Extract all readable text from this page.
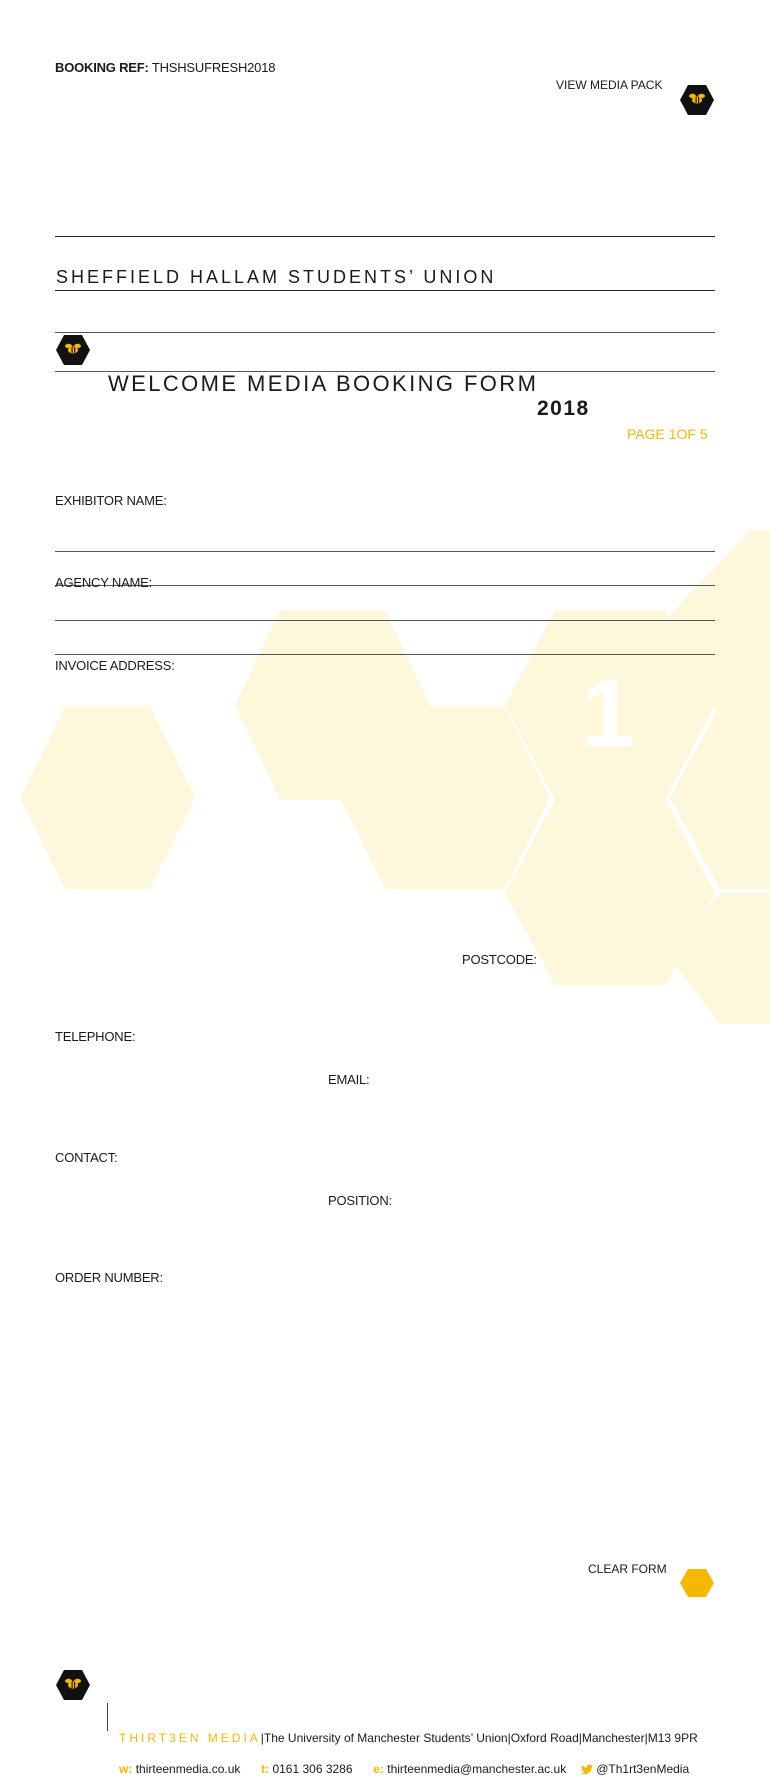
1
BOOKING REF: THSHSUFRESH2018
$_{VIEW MEDIA PACK}$
SHEFFIELD HALLAM STUDENTS’ UNION
WELCOME MEDIA BOOKING FORM
2018
PAGE 1OF 5
EXHIBITOR NAME:
AGENCY NAME:
INVOICE ADDRESS:
POSTCODE:
TELEPHONE:
EMAIL:
CONTACT:
POSITION:
ORDER NUMBER:
CLEAR FORM
THIRT3EN MEDIA|The University of Manchester Students’ Union|Oxford Road|Manchester|M13 9PR
w: thirteenmedia.co.uk t: 0161 306 3286 e: thirteenmedia@manchester.ac.uk	@Th1rt3enMedia
